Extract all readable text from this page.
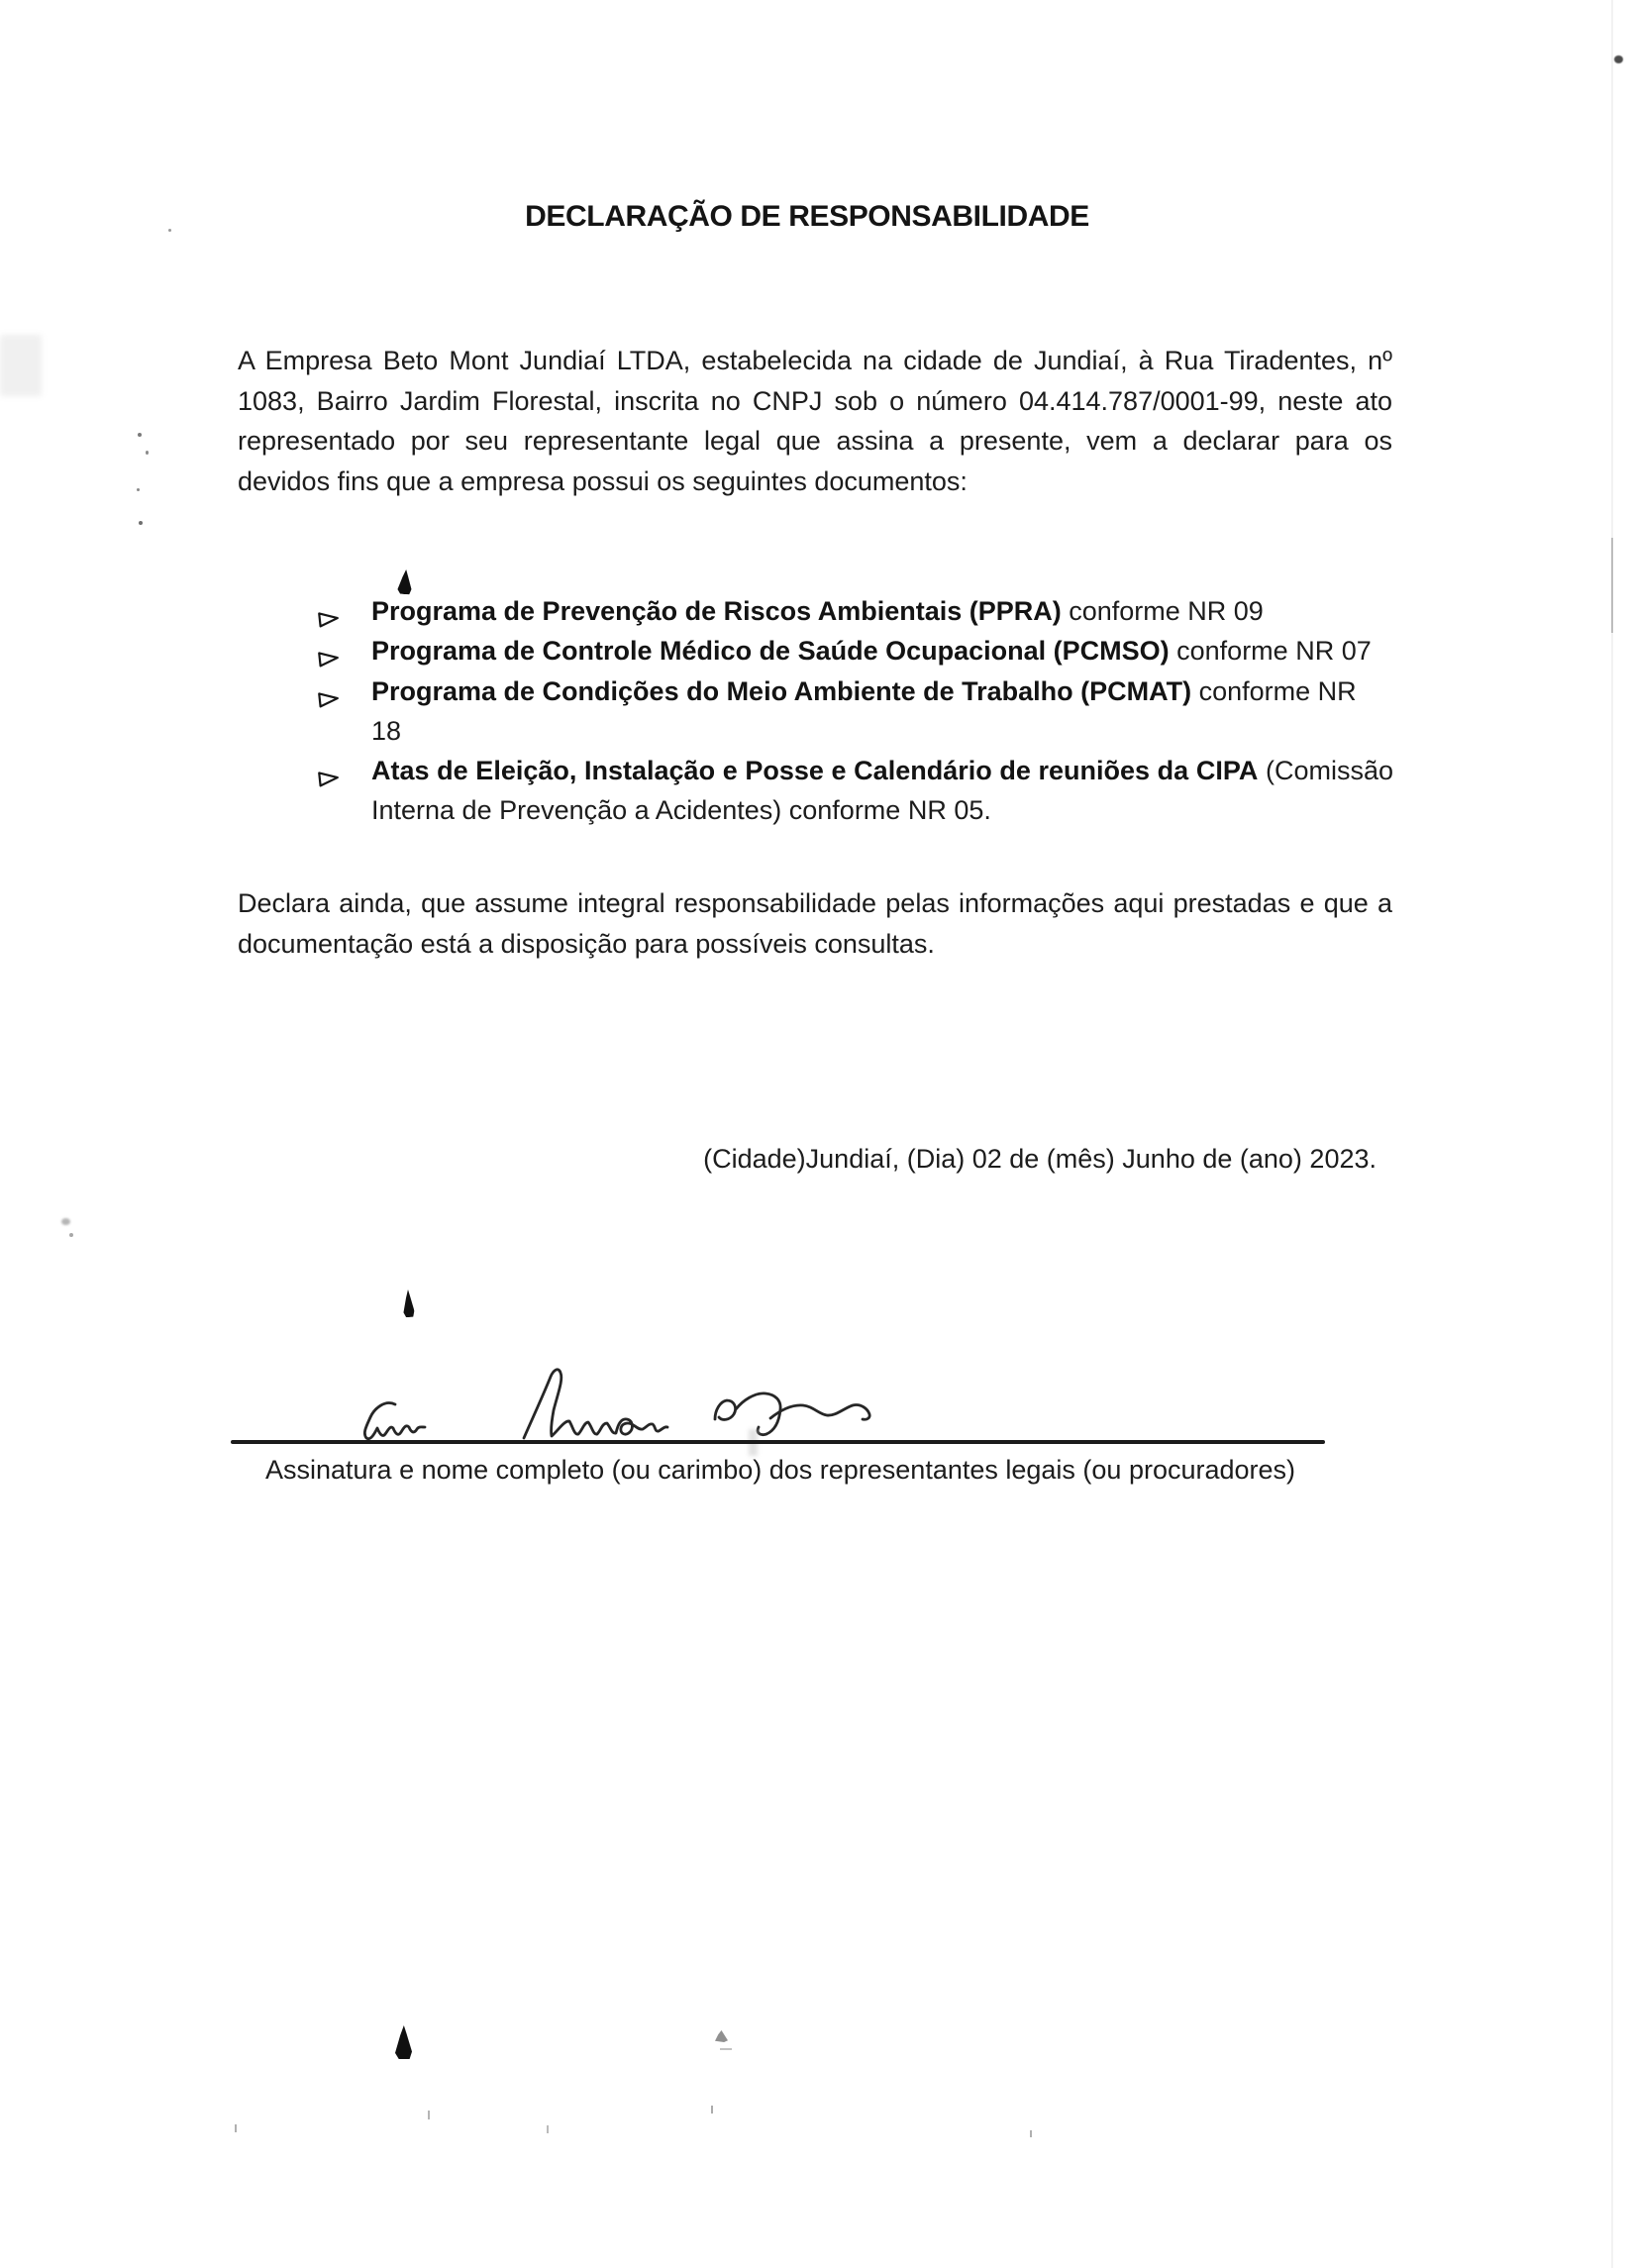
DECLARAÇÃO DE RESPONSABILIDADE
A Empresa Beto Mont Jundiaí LTDA, estabelecida na cidade de Jundiaí, à Rua Tiradentes, nº
1083, Bairro Jardim Florestal, inscrita no CNPJ sob o número 04.414.787/0001-99, neste ato
representado por seu representante legal que assina a presente, vem a declarar para os
devidos fins que a empresa possui os seguintes documentos:
Programa de Prevenção de Riscos Ambientais (PPRA) conforme NR 09
Programa de Controle Médico de Saúde Ocupacional (PCMSO) conforme NR 07
Programa de Condições do Meio Ambiente de Trabalho (PCMAT) conforme NR 18
Atas de Eleição, Instalação e Posse e Calendário de reuniões da CIPA (Comissão
Interna de Prevenção a Acidentes) conforme NR 05.
Declara ainda, que assume integral responsabilidade pelas informações aqui prestadas e que a
documentação está a disposição para possíveis consultas.
(Cidade)Jundiaí, (Dia) 02 de (mês) Junho de (ano) 2023.
Assinatura e nome completo (ou carimbo) dos representantes legais (ou procuradores)
